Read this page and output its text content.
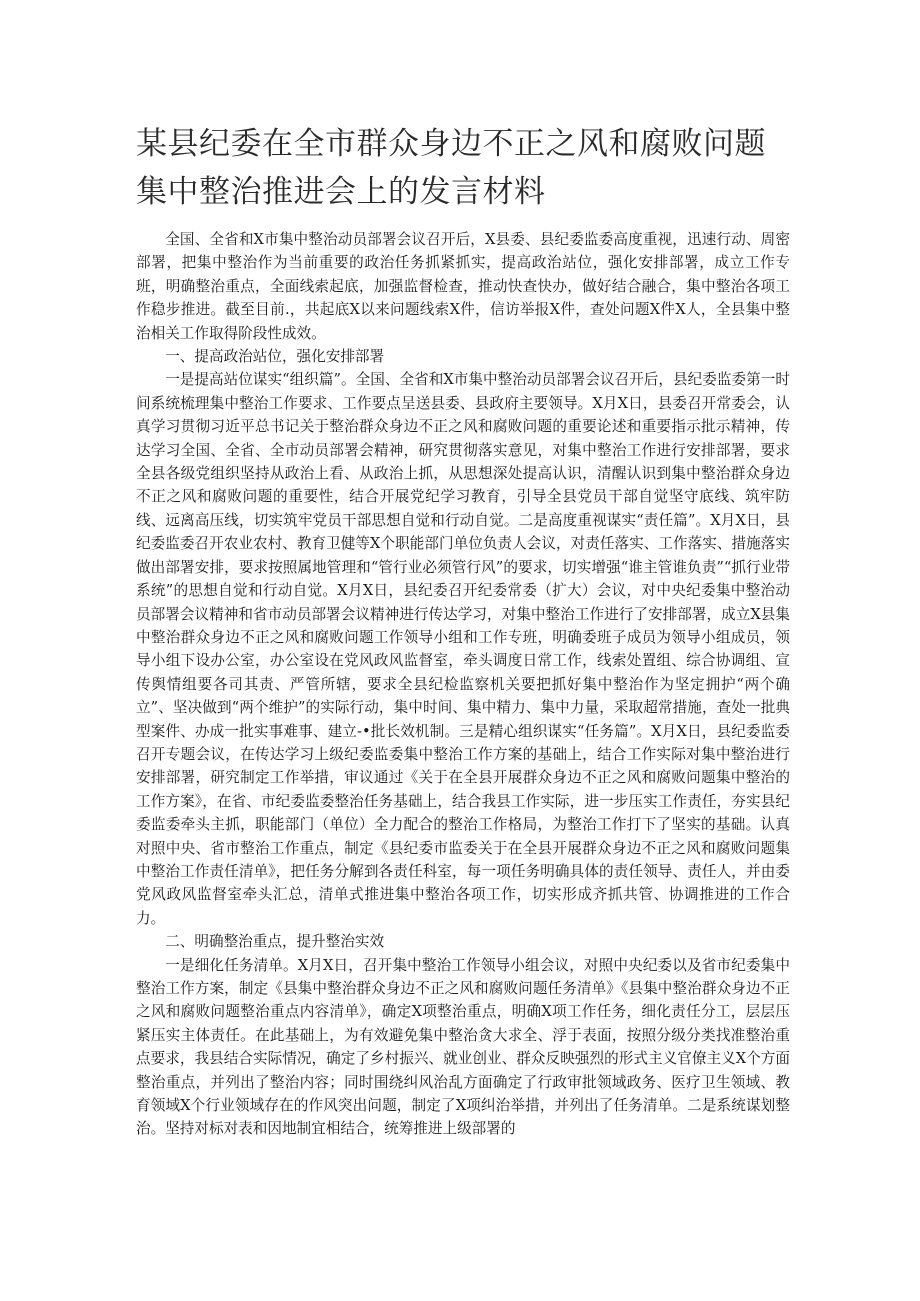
某县纪委在全市群众身边不正之风和腐败问题集中整治推进会上的发言材料

全国、全省和X市集中整治动员部署会议召开后，X县委、县纪委监委高度重视，迅速行动、周密部署，把集中整治作为当前重要的政治任务抓紧抓实，提高政治站位，强化安排部署，成立工作专班，明确整治重点，全面线索起底，加强监督检查，推动快查快办，做好结合融合，集中整治各项工作稳步推进。截至目前.，共起底X以来问题线索X件，信访举报X件，查处问题X件X人，全县集中整治相关工作取得阶段性成效。

一、提高政治站位，强化安排部署

一是提高站位谋实“组织篇”。全国、全省和X市集中整治动员部署会议召开后，县纪委监委第一时间系统梳理集中整治工作要求、工作要点呈送县委、县政府主要领导。X月X日，县委召开常委会，认真学习贯彻习近平总书记关于整治群众身边不正之风和腐败问题的重要论述和重要指示批示精神，传达学习全国、全省、全市动员部署会精神，研究贯彻落实意见，对集中整治工作进行安排部署，要求全县各级党组织坚持从政治上看、从政治上抓，从思想深处提高认识，清醒认识到集中整治群众身边不正之风和腐败问题的重要性，结合开展党纪学习教育，引导全县党员干部自觉坚守底线、筑牢防线、远离高压线，切实筑牢党员干部思想自觉和行动自觉。二是高度重视谋实“责任篇”。X月X日，县纪委监委召开农业农村、教育卫健等X个职能部门单位负责人会议，对责任落实、工作落实、措施落实做出部署安排，要求按照属地管理和“管行业必须管行风”的要求，切实增强“谁主管谁负责”“抓行业带系统”的思想自觉和行动自觉。X月X日，县纪委召开纪委常委（扩大）会议，对中央纪委集中整治动员部署会议精神和省市动员部署会议精神进行传达学习，对集中整治工作进行了安排部署，成立X县集中整治群众身边不正之风和腐败问题工作领导小组和工作专班，明确委班子成员为领导小组成员，领导小组下设办公室，办公室设在党风政风监督室，牵头调度日常工作，线索处置组、综合协调组、宣传舆情组要各司其责、严管所辖，要求全县纪检监察机关要把抓好集中整治作为坚定拥护“两个确立”、坚决做到“两个维护”的实际行动，集中时间、集中精力、集中力量，采取超常措施，查处一批典型案件、办成一批实事难事、建立-•批长效机制。三是精心组织谋实“任务篇”。X月X日，县纪委监委召开专题会议，在传达学习上级纪委监委集中整治工作方案的基础上，结合工作实际对集中整治进行安排部署，研究制定工作举措，审议通过《关于在全县开展群众身边不正之风和腐败问题集中整治的工作方案》，在省、市纪委监委整治任务基础上，结合我县工作实际，进一步压实工作责任，夯实县纪委监委牵头主抓，职能部门（单位）全力配合的整治工作格局，为整治工作打下了坚实的基础。认真对照中央、省市整治工作重点，制定《县纪委市监委关于在全县开展群众身边不正之风和腐败问题集中整治工作责任清单》，把任务分解到各责任科室，每一项任务明确具体的责任领导、责任人，并由委党风政风监督室牵头汇总，清单式推进集中整治各项工作，切实形成齐抓共管、协调推进的工作合力。

二、明确整治重点，提升整治实效

一是细化任务清单。X月X日，召开集中整治工作领导小组会议，对照中央纪委以及省市纪委集中整治工作方案，制定《县集中整治群众身边不正之风和腐败问题任务清单》《县集中整治群众身边不正之风和腐败问题整治重点内容清单》，确定X项整治重点，明确X项工作任务，细化责任分工，层层压紧压实主体责任。在此基础上，为有效避免集中整治贪大求全、浮于表面，按照分级分类找准整治重点要求，我县结合实际情况，确定了乡村振兴、就业创业、群众反映强烈的形式主义官僚主义X个方面整治重点，并列出了整治内容；同时围绕纠风治乱方面确定了行政审批领域政务、医疗卫生领域、教育领域X个行业领域存在的作风突出问题，制定了X项纠治举措，并列出了任务清单。二是系统谋划整治。坚持对标对表和因地制宜相结合，统筹推进上级部署的
